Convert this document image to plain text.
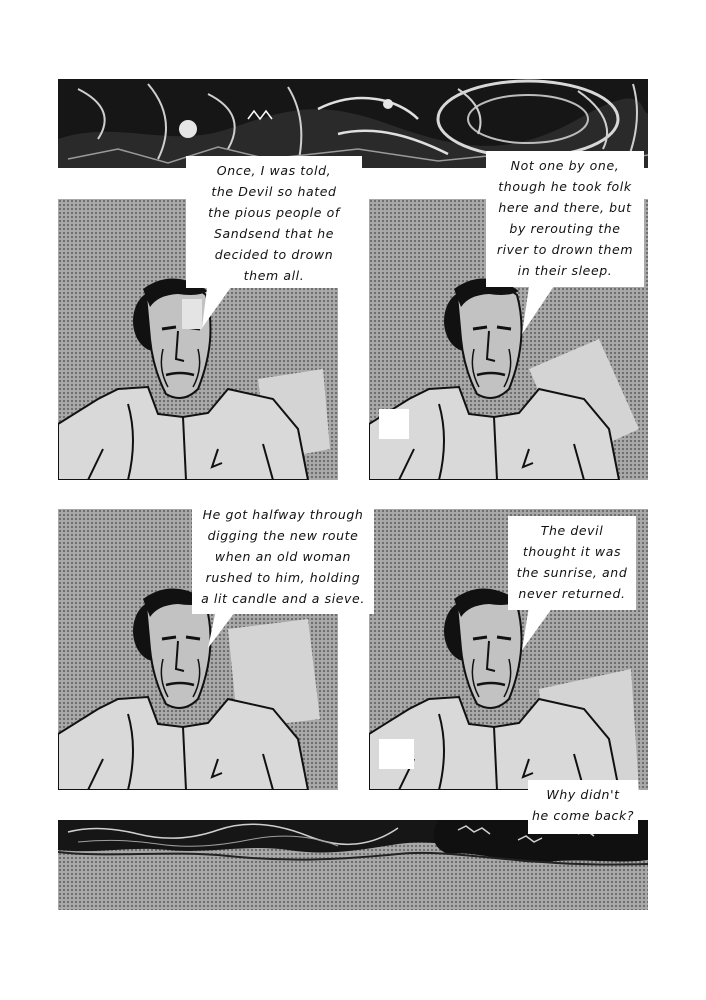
Once, I was told,
the Devil so hated
the pious people of
Sandsend that he
decided to drown
them all.
Not one by one,
though he took folk
here and there, but
by rerouting the
river to drown them
in their sleep.
He got halfway through
digging the new route
when an old woman
rushed to him, holding
a lit candle and a sieve.
The devil
thought it was
the sunrise, and
never returned.
Why didn't
he come back?
